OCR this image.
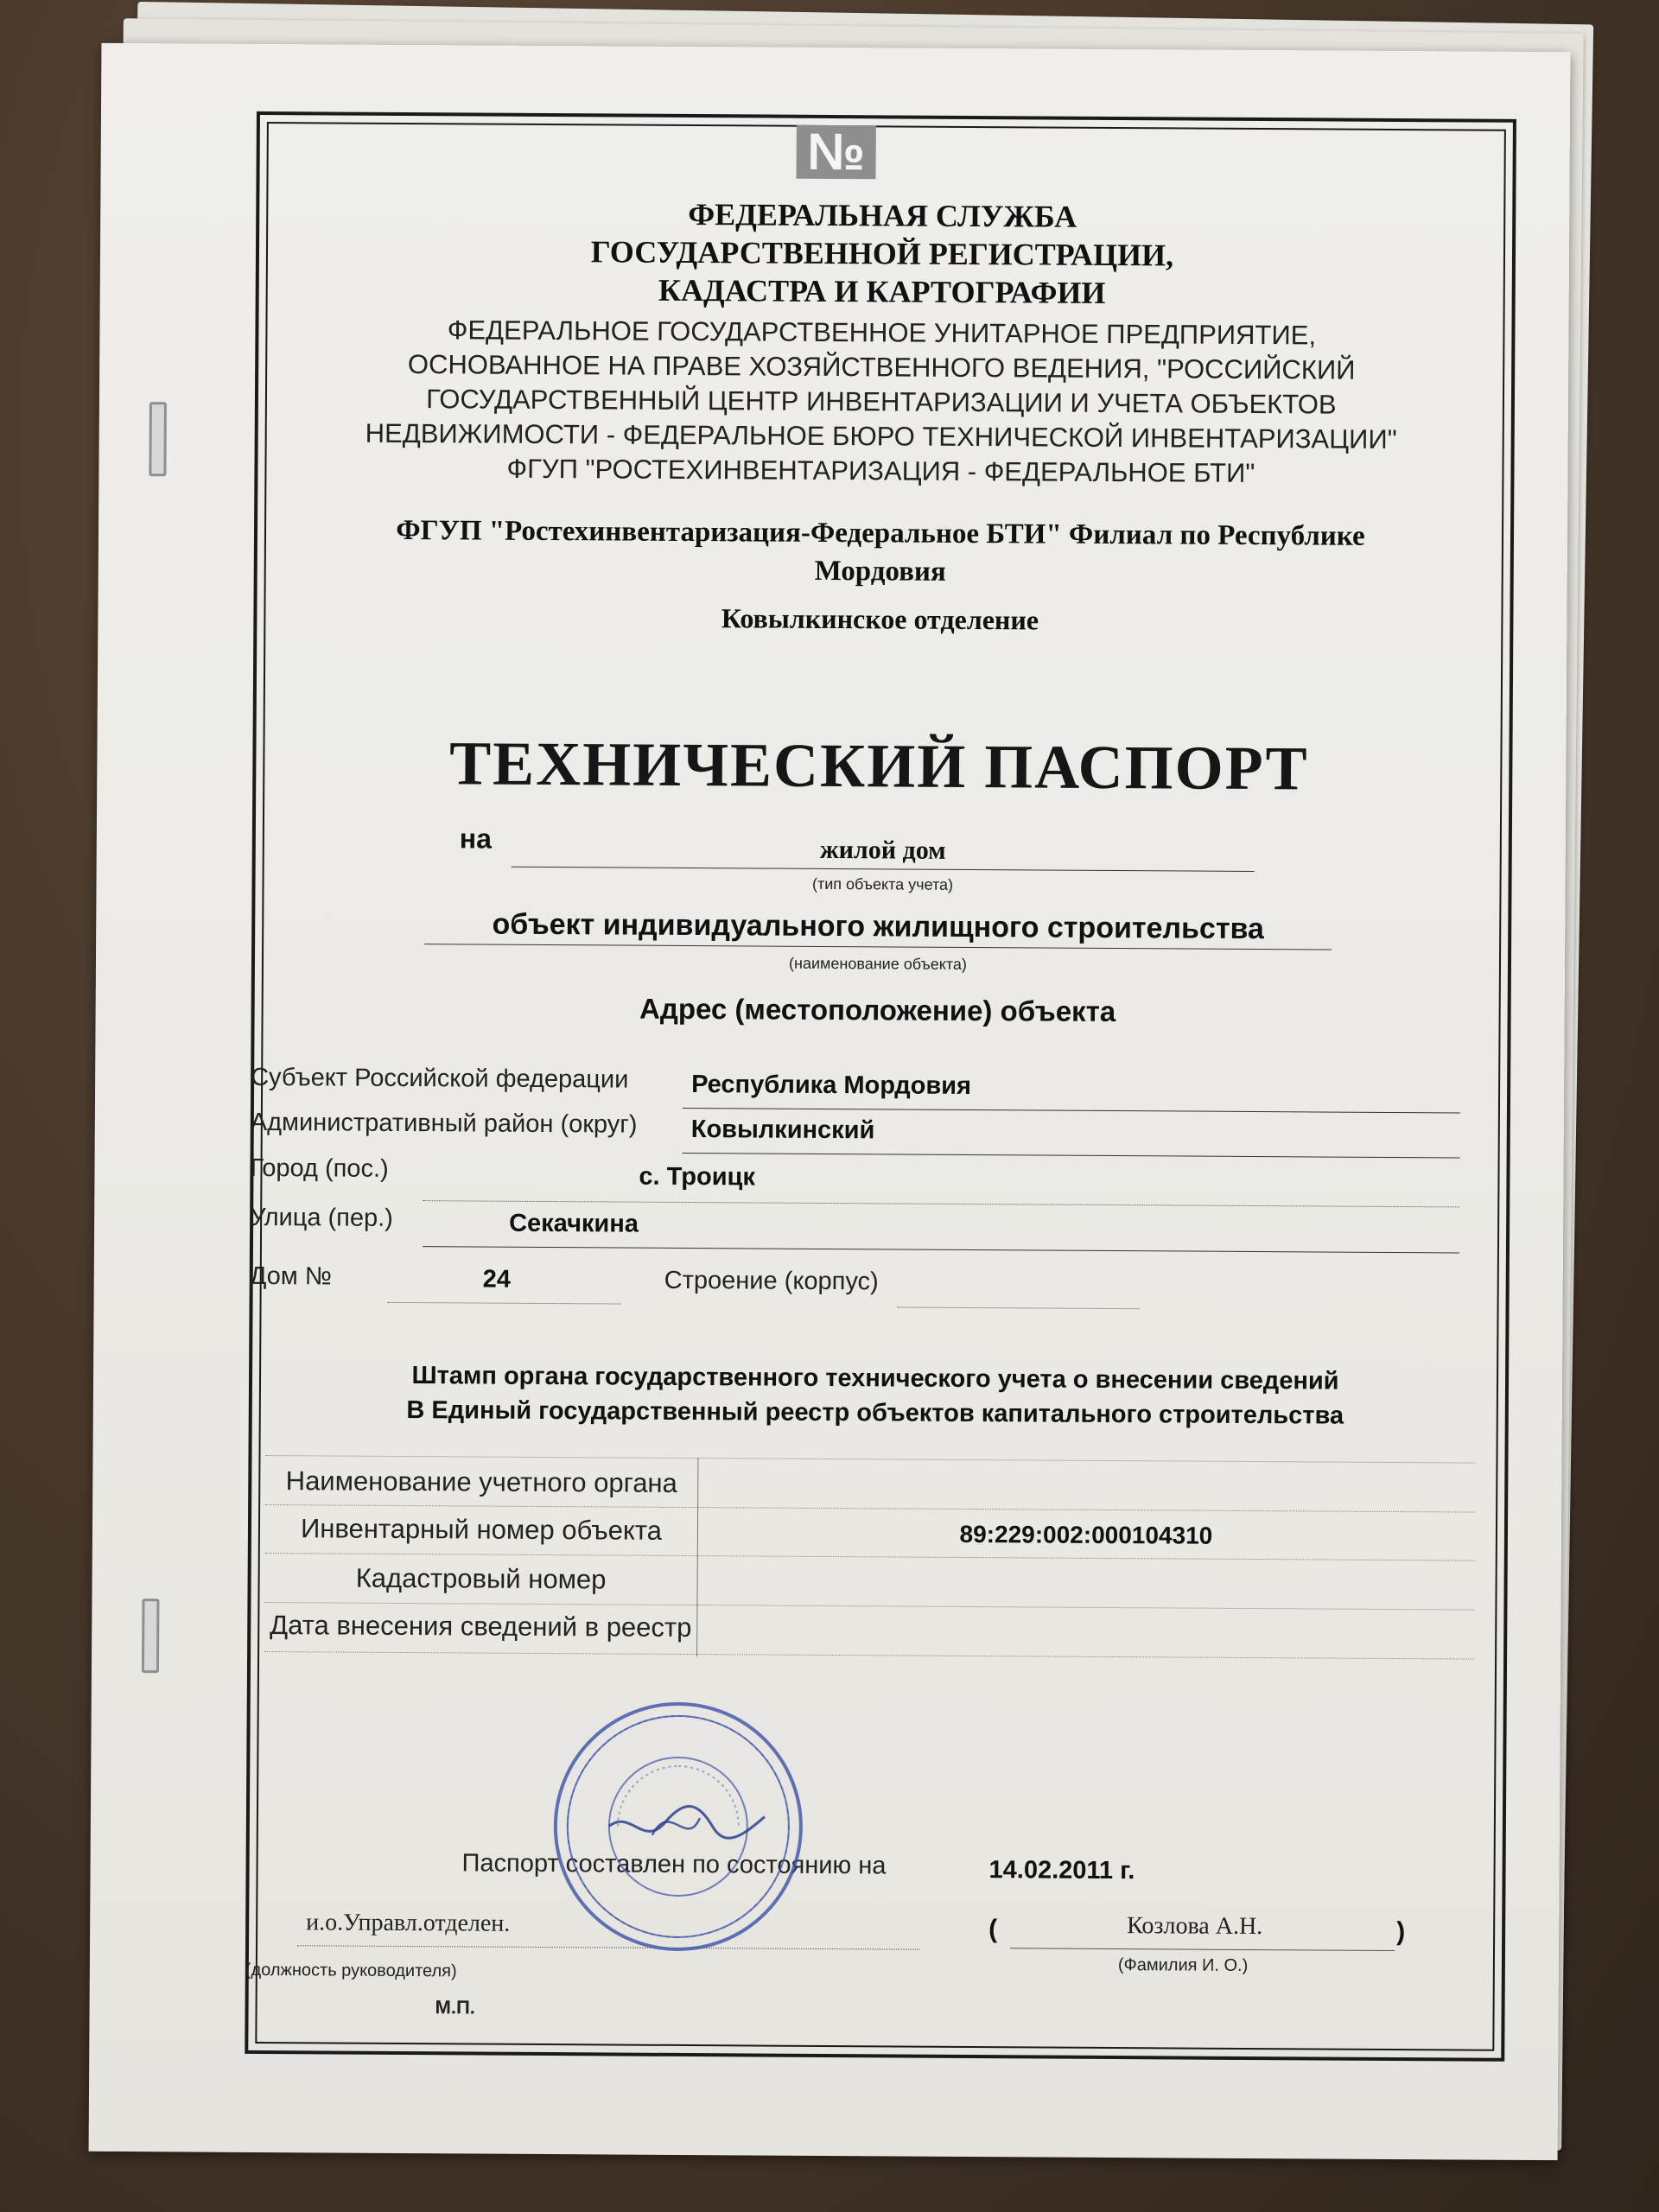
№
ФЕДЕРАЛЬНАЯ СЛУЖБА
ГОСУДАРСТВЕННОЙ РЕГИСТРАЦИИ,
КАДАСТРА И КАРТОГРАФИИ
ФЕДЕРАЛЬНОЕ ГОСУДАРСТВЕННОЕ УНИТАРНОЕ ПРЕДПРИЯТИЕ,
ОСНОВАННОЕ НА ПРАВЕ ХОЗЯЙСТВЕННОГО ВЕДЕНИЯ, "РОССИЙСКИЙ
ГОСУДАРСТВЕННЫЙ ЦЕНТР ИНВЕНТАРИЗАЦИИ И УЧЕТА ОБЪЕКТОВ
НЕДВИЖИМОСТИ - ФЕДЕРАЛЬНОЕ БЮРО ТЕХНИЧЕСКОЙ ИНВЕНТАРИЗАЦИИ"
ФГУП "РОСТЕХИНВЕНТАРИЗАЦИЯ - ФЕДЕРАЛЬНОЕ БТИ"
ФГУП "Ростехинвентаризация-Федеральное БТИ" Филиал по Республике
Мордовия
Ковылкинское отделение
ТЕХНИЧЕСКИЙ ПАСПОРТ
на	жилой дом
(тип объекта учета)
объект индивидуального жилищного строительства
(наименование объекта)
Адрес (местоположение) объекта
Субъект Российской федерации	Республика Мордовия
Административный район (округ) Ковылкинский
Город (пос.)	с. Троицк
Улица (пер.)	Секачкина
Дом №	24	Строение (корпус)
Штамп органа государственного технического учета о внесении сведений
В Единый государственный реестр объектов капитального строительства
Наименование учетного органа
Инвентарный номер объекта	89:229:002:000104310
Кадастровый номер
Дата внесения сведений в реестр
Паспорт составлен по состоянию на	14.02.2011 г.
и.о.Управл.отделен.
(должность руководителя)
М.П.
(	Козлова А.Н.	)
(Фамилия И. О.)
